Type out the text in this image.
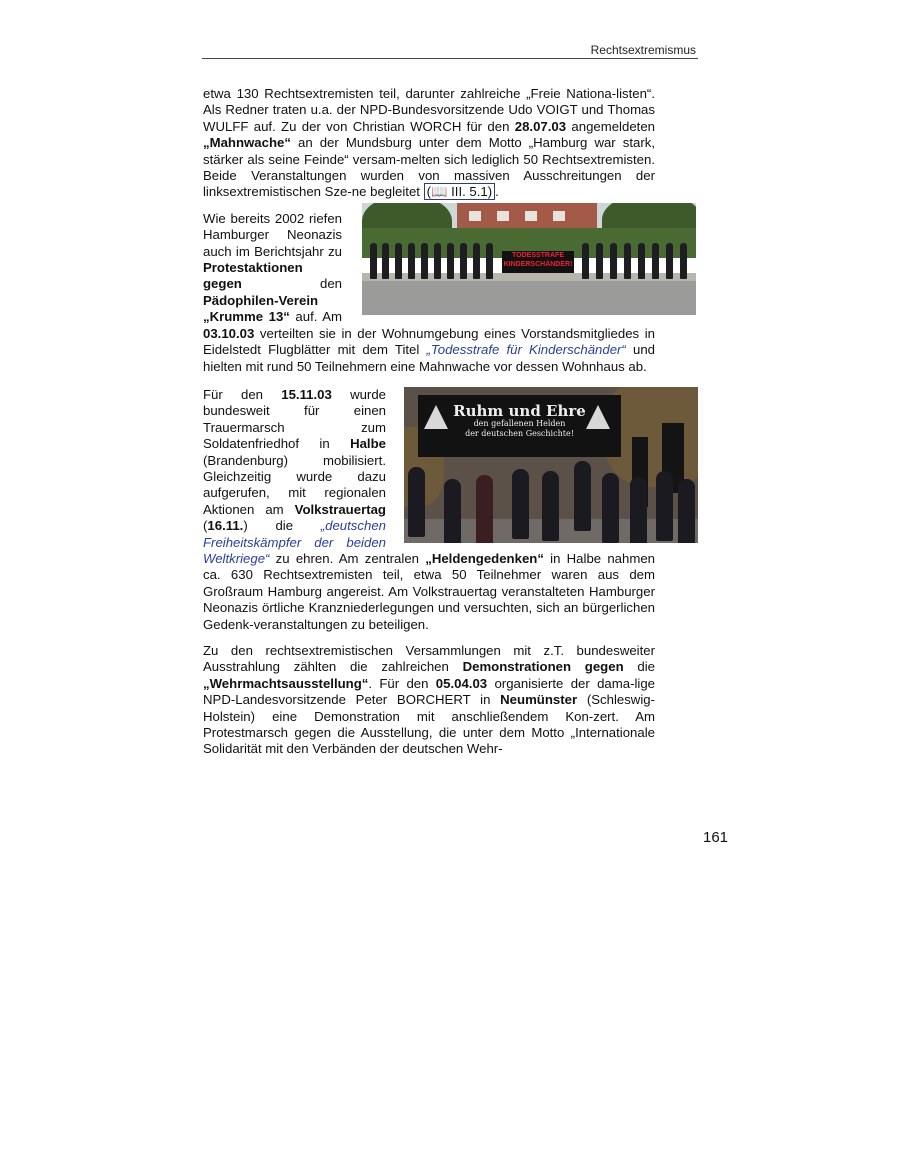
Rechtsextremismus

etwa 130 Rechtsextremisten teil, darunter zahlreiche „Freie Nationa-listen“. Als Redner traten u.a. der NPD-Bundesvorsitzende Udo VOIGT und Thomas WULFF auf. Zu der von Christian WORCH für den 28.07.03 angemeldeten „Mahnwache“ an der Mundsburg unter dem Motto „Hamburg war stark, stärker als seine Feinde“ versam-melten sich lediglich 50 Rechtsextremisten. Beide Veranstaltungen wurden von massiven Ausschreitungen der linksextremistischen Sze-ne begleitet (📖 III. 5.1) .

TODESSTRAFE
KINDERSCHÄNDER!

Wie bereits 2002 riefen Hamburger Neonazis auch im Berichtsjahr zu Protestaktionen gegen den Pädophilen-Verein „Krumme 13“ auf. Am 03.10.03 verteilten sie in der Wohnumgebung eines Vorstandsmitgliedes in Eidelstedt Flugblätter mit dem Titel „Todesstrafe für Kinderschänder“ und hielten mit rund 50 Teilnehmern eine Mahnwache vor dessen Wohnhaus ab.

Ruhm und Ehre
den gefallenen Helden
der deutschen Geschichte!

Für den 15.11.03 wurde bundesweit für einen Trauermarsch zum Soldatenfriedhof in Halbe (Brandenburg) mobilisiert. Gleichzeitig wurde dazu aufgerufen, mit regionalen Aktionen am Volkstrauertag (16.11.) die „deutschen Freiheitskämpfer der beiden Weltkriege“ zu ehren. Am zentralen „Heldengedenken“ in Halbe nahmen ca. 630 Rechtsextremisten teil, etwa 50 Teilnehmer waren aus dem Großraum Hamburg angereist. Am Volkstrauertag veranstalteten Hamburger Neonazis örtliche Kranzniederlegungen und versuchten, sich an bürgerlichen Gedenk-veranstaltungen zu beteiligen.

Zu den rechtsextremistischen Versammlungen mit z.T. bundesweiter Ausstrahlung zählten die zahlreichen Demonstrationen gegen die „Wehrmachtsausstellung“. Für den 05.04.03 organisierte der dama-lige NPD-Landesvorsitzende Peter BORCHERT in Neumünster (Schleswig-Holstein) eine Demonstration mit anschließendem Kon-zert. Am Protestmarsch gegen die Ausstellung, die unter dem Motto „Internationale Solidarität mit den Verbänden der deutschen Wehr-

161
